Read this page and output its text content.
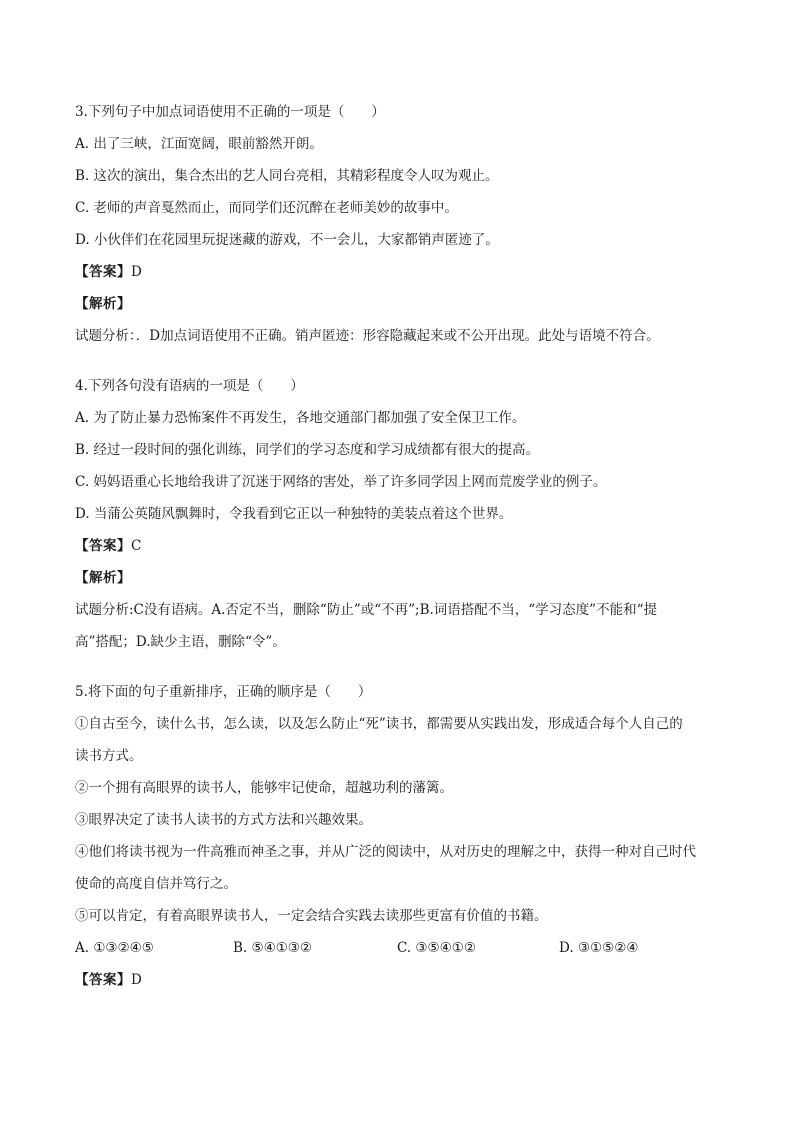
3.下列句子中加点词语使用不正确的一项是（　　）
A. 出了三峡，江面宽阔，眼前豁然开朗。
B. 这次的演出，集合杰出的艺人同台亮相，其精彩程度令人叹为观止。
C. 老师的声音戛然而止，而同学们还沉醉在老师美妙的故事中。
D. 小伙伴们在花园里玩捉迷藏的游戏，不一会儿，大家都销声匿迹了。
【答案】D
【解析】
试题分析：．D加点词语使用不正确。销声匿迹：形容隐藏起来或不公开出现。此处与语境不符合。
4.下列各句没有语病的一项是（　　）
A. 为了防止暴力恐怖案件不再发生，各地交通部门都加强了安全保卫工作。
B. 经过一段时间的强化训练，同学们的学习态度和学习成绩都有很大的提高。
C. 妈妈语重心长地给我讲了沉迷于网络的害处，举了许多同学因上网而荒废学业的例子。
D. 当蒲公英随风飘舞时，令我看到它正以一种独特的美装点着这个世界。
【答案】C
【解析】
试题分析:C没有语病。A.否定不当，删除“防止”或“不再”;B.词语搭配不当，“学习态度”不能和“提
高”搭配；D.缺少主语，删除“令”。
5.将下面的句子重新排序，正确的顺序是（　　）
①自古至今，读什么书，怎么读，以及怎么防止“死”读书，都需要从实践出发，形成适合每个人自己的
读书方式。
②一个拥有高眼界的读书人，能够牢记使命，超越功利的藩篱。
③眼界决定了读书人读书的方式方法和兴趣效果。
④他们将读书视为一件高雅而神圣之事，并从广泛的阅读中，从对历史的理解之中，获得一种对自己时代
使命的高度自信并笃行之。
⑤可以肯定，有着高眼界读书人，一定会结合实践去读那些更富有价值的书籍。
A. ①③②④⑤	B. ⑤④①③②	C. ③⑤④①②	D. ③①⑤②④
【答案】D
